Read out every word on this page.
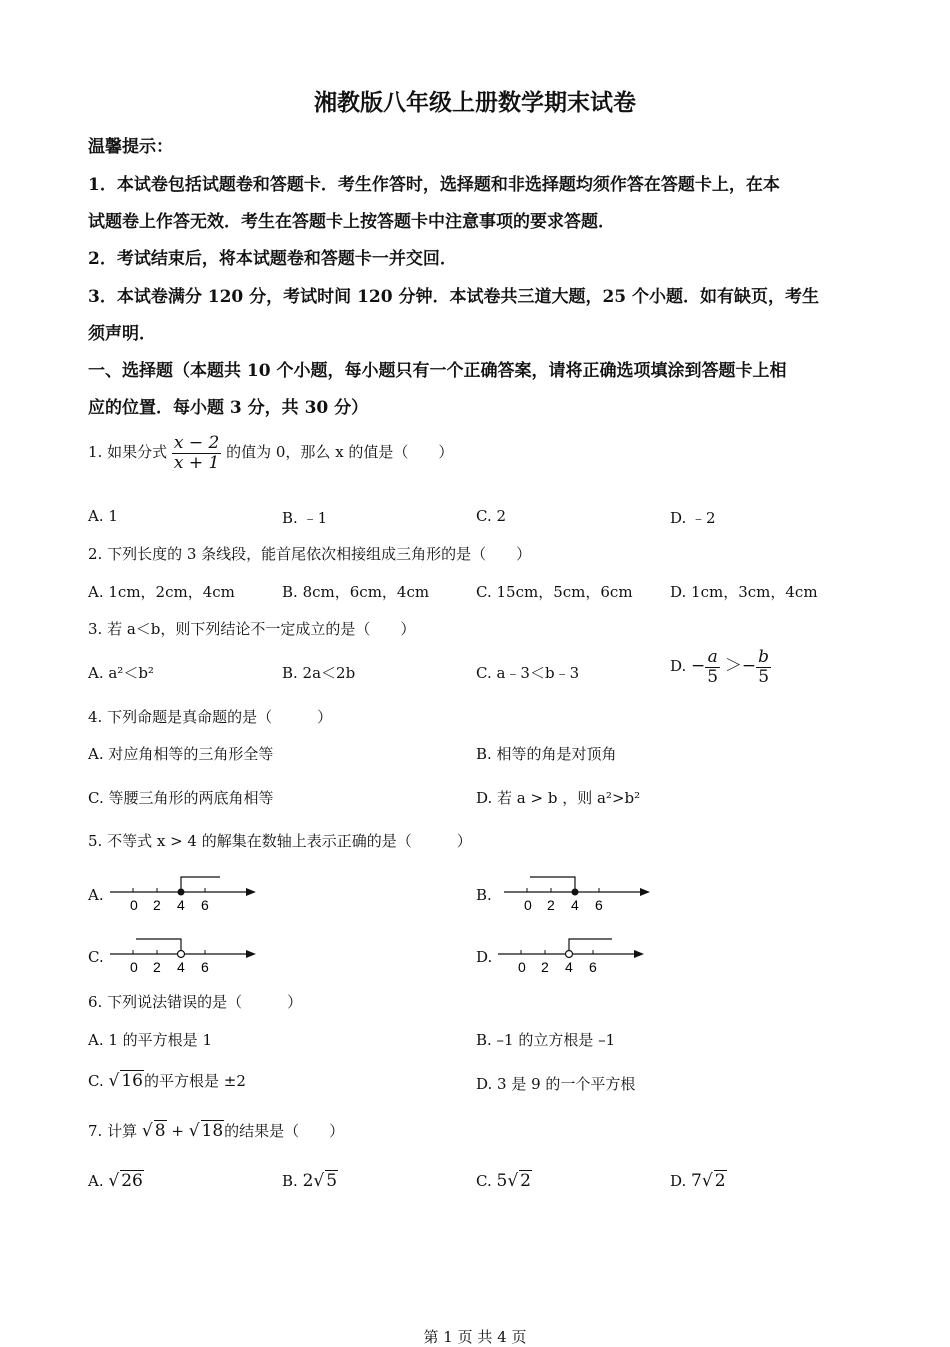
湘教版八年级上册数学期末试卷
温馨提示：
1．本试卷包括试题卷和答题卡．考生作答时，选择题和非选择题均须作答在答题卡上，在本
试题卷上作答无效．考生在答题卡上按答题卡中注意事项的要求答题．
2．考试结束后，将本试题卷和答题卡一并交回．
3．本试卷满分 120 分，考试时间 120 分钟．本试卷共三道大题，25 个小题．如有缺页，考生
须声明．
一、选择题（本题共 10 个小题，每小题只有一个正确答案，请将正确选项填涂到答题卡上相
应的位置．每小题 3 分，共 30 分）
1. 如果分式 $\frac{x - 2}{x + 1}$ 的值为 0，那么 x 的值是（　　）
A. 1	B. ﹣1	C. 2	D. ﹣2
2. 下列长度的 3 条线段，能首尾依次相接组成三角形的是（　　）
A. 1cm，2cm，4cm	B. 8cm，6cm，4cm	C. 15cm，5cm，6cm D. 1cm，3cm，4cm
3. 若 a＜b，则下列结论不一定成立的是（　　）
A. a²＜b²	B. 2a＜2b	C. a﹣3＜b﹣3	D. − $\frac{a}{5} >- \frac{b}{5}$
4. 下列命题是真命题的是（　　　）
A. 对应角相等的三角形全等	B. 相等的角是对顶角
C. 等腰三角形的两底角相等	D. 若 a > b ，则 a²>b²
5. 不等式 x > 4 的解集在数轴上表示正确的是（　　　）
A.
0 2 4 6
B.
0 2 4 6
C.
0 2 4 6
D.
0 2 4 6
6. 下列说法错误的是（　　　）
A. 1 的平方根是 1	B. –1 的立方根是 –1
C. √ 16的平方根是 ±2	D. 3 是 9 的一个平方根
7. 计算 √ 8 + √ 18的结果是（　　）
A. √ 26	B. 2√ 5	C. 5√ 2	D. 7√ 2
第 1 页 共 4 页
